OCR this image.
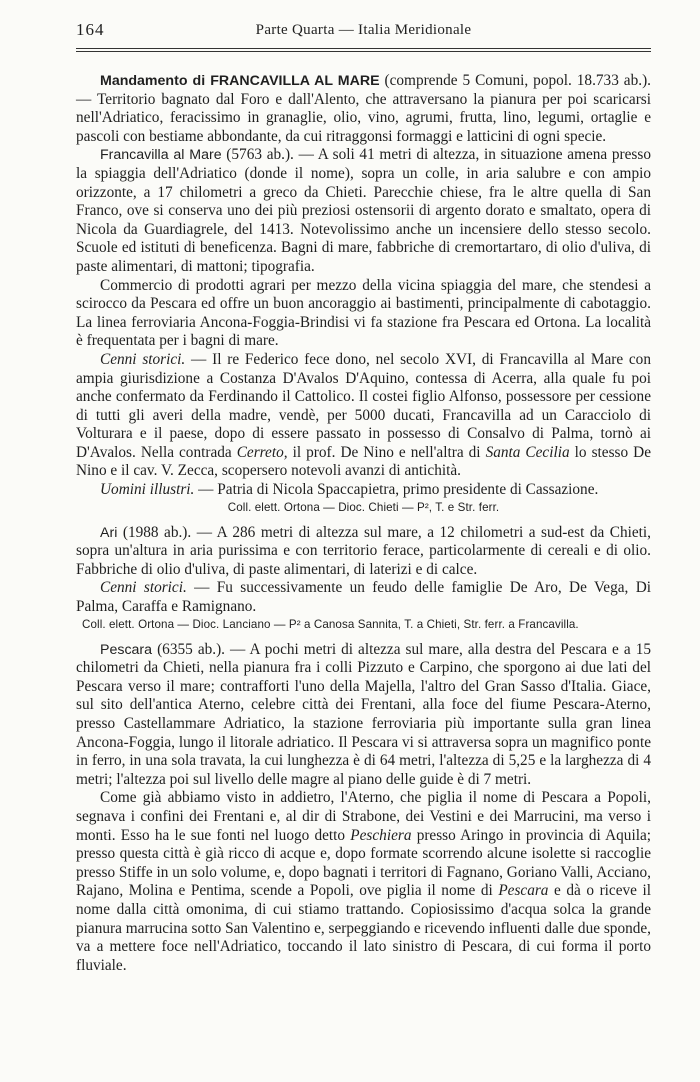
164	Parte Quarta — Italia Meridionale

Mandamento di FRANCAVILLA AL MARE (comprende 5 Comuni, popol. 18.733 ab.). — Territorio bagnato dal Foro e dall'Alento, che attraversano la pianura per poi scaricarsi nell'Adriatico, feracissimo in granaglie, olio, vino, agrumi, frutta, lino, legumi, ortaglie e pascoli con bestiame abbondante, da cui ritraggonsi formaggi e latticini di ogni specie.

Francavilla al Mare (5763 ab.). — A soli 41 metri di altezza, in situazione amena presso la spiaggia dell'Adriatico (donde il nome), sopra un colle, in aria salubre e con ampio orizzonte, a 17 chilometri a greco da Chieti. Parecchie chiese, fra le altre quella di San Franco, ove si conserva uno dei più preziosi ostensorii di argento dorato e smaltato, opera di Nicola da Guardiagrele, del 1413. Notevolissimo anche un incensiere dello stesso secolo. Scuole ed istituti di beneficenza. Bagni di mare, fabbriche di cremortartaro, di olio d'uliva, di paste alimentari, di mattoni; tipografia.

Commercio di prodotti agrari per mezzo della vicina spiaggia del mare, che stendesi a scirocco da Pescara ed offre un buon ancoraggio ai bastimenti, principalmente di cabotaggio. La linea ferroviaria Ancona-Foggia-Brindisi vi fa stazione fra Pescara ed Ortona. La località è frequentata per i bagni di mare.

Cenni storici. — Il re Federico fece dono, nel secolo XVI, di Francavilla al Mare con ampia giurisdizione a Costanza D'Avalos D'Aquino, contessa di Acerra, alla quale fu poi anche confermato da Ferdinando il Cattolico. Il costei figlio Alfonso, possessore per cessione di tutti gli averi della madre, vendè, per 5000 ducati, Francavilla ad un Caracciolo di Volturara e il paese, dopo di essere passato in possesso di Consalvo di Palma, tornò ai D'Avalos. Nella contrada Cerreto, il prof. De Nino e nell'altra di Santa Cecilia lo stesso De Nino e il cav. V. Zecca, scopersero notevoli avanzi di antichità.

Uomini illustri. — Patria di Nicola Spaccapietra, primo presidente di Cassazione.

Coll. elett. Ortona — Dioc. Chieti — P², T. e Str. ferr.

Ari (1988 ab.). — A 286 metri di altezza sul mare, a 12 chilometri a sud-est da Chieti, sopra un'altura in aria purissima e con territorio ferace, particolarmente di cereali e di olio. Fabbriche di olio d'uliva, di paste alimentari, di laterizi e di calce.

Cenni storici. — Fu successivamente un feudo delle famiglie De Aro, De Vega, Di Palma, Caraffa e Ramignano.

Coll. elett. Ortona — Dioc. Lanciano — P² a Canosa Sannita, T. a Chieti, Str. ferr. a Francavilla.

Pescara (6355 ab.). — A pochi metri di altezza sul mare, alla destra del Pescara e a 15 chilometri da Chieti, nella pianura fra i colli Pizzuto e Carpino, che sporgono ai due lati del Pescara verso il mare; contrafforti l'uno della Majella, l'altro del Gran Sasso d'Italia. Giace, sul sito dell'antica Aterno, celebre città dei Frentani, alla foce del fiume Pescara-Aterno, presso Castellammare Adriatico, la stazione ferroviaria più importante sulla gran linea Ancona-Foggia, lungo il litorale adriatico. Il Pescara vi si attraversa sopra un magnifico ponte in ferro, in una sola travata, la cui lunghezza è di 64 metri, l'altezza di 5,25 e la larghezza di 4 metri; l'altezza poi sul livello delle magre al piano delle guide è di 7 metri.

Come già abbiamo visto in addietro, l'Aterno, che piglia il nome di Pescara a Popoli, segnava i confini dei Frentani e, al dir di Strabone, dei Vestini e dei Marrucini, ma verso i monti. Esso ha le sue fonti nel luogo detto Peschiera presso Aringo in provincia di Aquila; presso questa città è già ricco di acque e, dopo formate scorrendo alcune isolette si raccoglie presso Stiffe in un solo volume, e, dopo bagnati i territori di Fagnano, Goriano Valli, Acciano, Rajano, Molina e Pentima, scende a Popoli, ove piglia il nome di Pescara e dà o riceve il nome dalla città omonima, di cui stiamo trattando. Copiosissimo d'acqua solca la grande pianura marrucina sotto San Valentino e, serpeggiando e ricevendo influenti dalle due sponde, va a mettere foce nell'Adriatico, toccando il lato sinistro di Pescara, di cui forma il porto fluviale.
